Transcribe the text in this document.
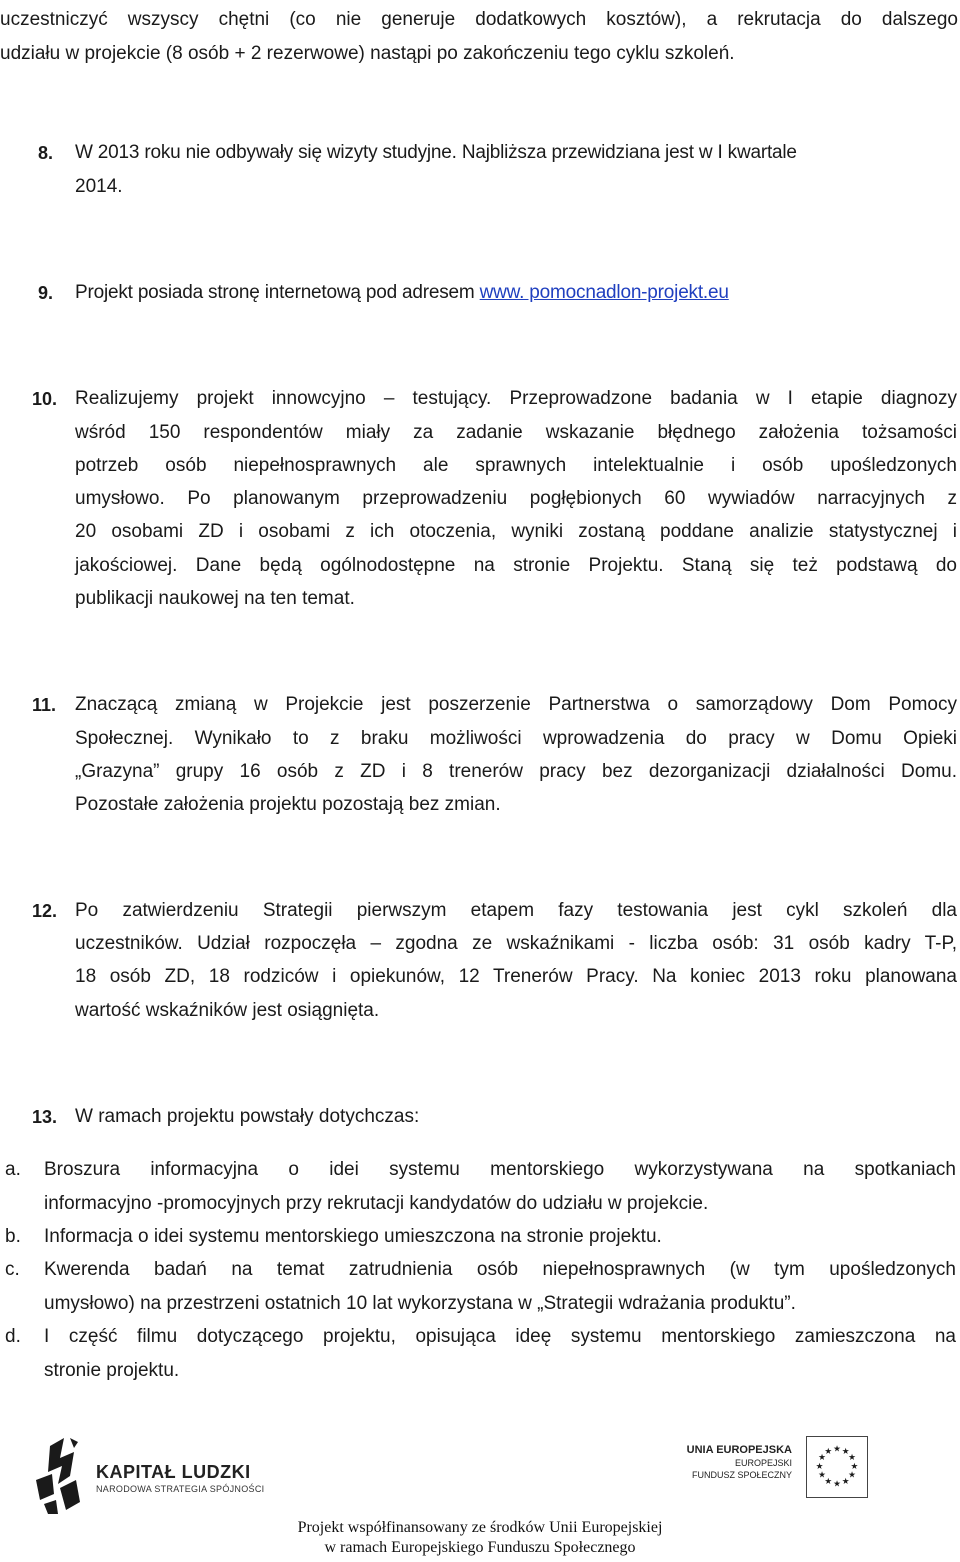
uczestniczyć wszyscy chętni (co nie generuje dodatkowych kosztów), a rekrutacja do dalszego

udziału w projekcie (8 osób + 2 rezerwowe) nastąpi po zakończeniu tego cyklu szkoleń.

8. W 2013 roku nie odbywały się wizyty studyjne. Najbliższa przewidziana jest w I kwartale

2014.

9. Projekt posiada stronę internetową pod adresem www. pomocnadlon-projekt.eu

10. Realizujemy projekt innowcyjno – testujący. Przeprowadzone badania w I etapie diagnozy

wśród 150 respondentów miały za zadanie wskazanie błędnego założenia tożsamości

potrzeb osób niepełnosprawnych ale sprawnych intelektualnie i osób upośledzonych

umysłowo. Po planowanym przeprowadzeniu pogłębionych 60 wywiadów narracyjnych z

20 osobami ZD i osobami z ich otoczenia, wyniki zostaną poddane analizie statystycznej i

jakościowej. Dane będą ogólnodostępne na stronie Projektu. Staną się też podstawą do

publikacji naukowej na ten temat.

11. Znaczącą zmianą w Projekcie jest poszerzenie Partnerstwa o samorządowy Dom Pomocy

Społecznej. Wynikało to z braku możliwości wprowadzenia do pracy w Domu Opieki

„Grazyna” grupy 16 osób z ZD i 8 trenerów pracy bez dezorganizacji działalności Domu.

Pozostałe założenia projektu pozostają bez zmian.

12. Po zatwierdzeniu Strategii pierwszym etapem fazy testowania jest cykl szkoleń dla

uczestników. Udział rozpoczęła – zgodna ze wskaźnikami - liczba osób: 31 osób kadry T-P,

18 osób ZD, 18 rodziców i opiekunów, 12 Trenerów Pracy. Na koniec 2013 roku planowana

wartość wskaźników jest osiągnięta.

13. W ramach projektu powstały dotychczas:

a. Broszura informacyjna o idei systemu mentorskiego wykorzystywana na spotkaniach

informacyjno -promocyjnych przy rekrutacji kandydatów do udziału w projekcie.

b. Informacja o idei systemu mentorskiego umieszczona na stronie projektu.

c. Kwerenda badań na temat zatrudnienia osób niepełnosprawnych (w tym upośledzonych

umysłowo) na przestrzeni ostatnich 10 lat wykorzystana w „Strategii wdrażania produktu”.

d. I część filmu dotyczącego projektu, opisująca ideę systemu mentorskiego zamieszczona na

stronie projektu.

KAPITAŁ LUDZKI

NARODOWA STRATEGIA SPÓJNOŚCI

UNIA EUROPEJSKA

EUROPEJSKI

FUNDUSZ SPOŁECZNY

★ ★
★
★
★
★
★
★
★
★
★
★

Projekt współfinansowany ze środków Unii Europejskiej
w ramach Europejskiego Funduszu Społecznego
